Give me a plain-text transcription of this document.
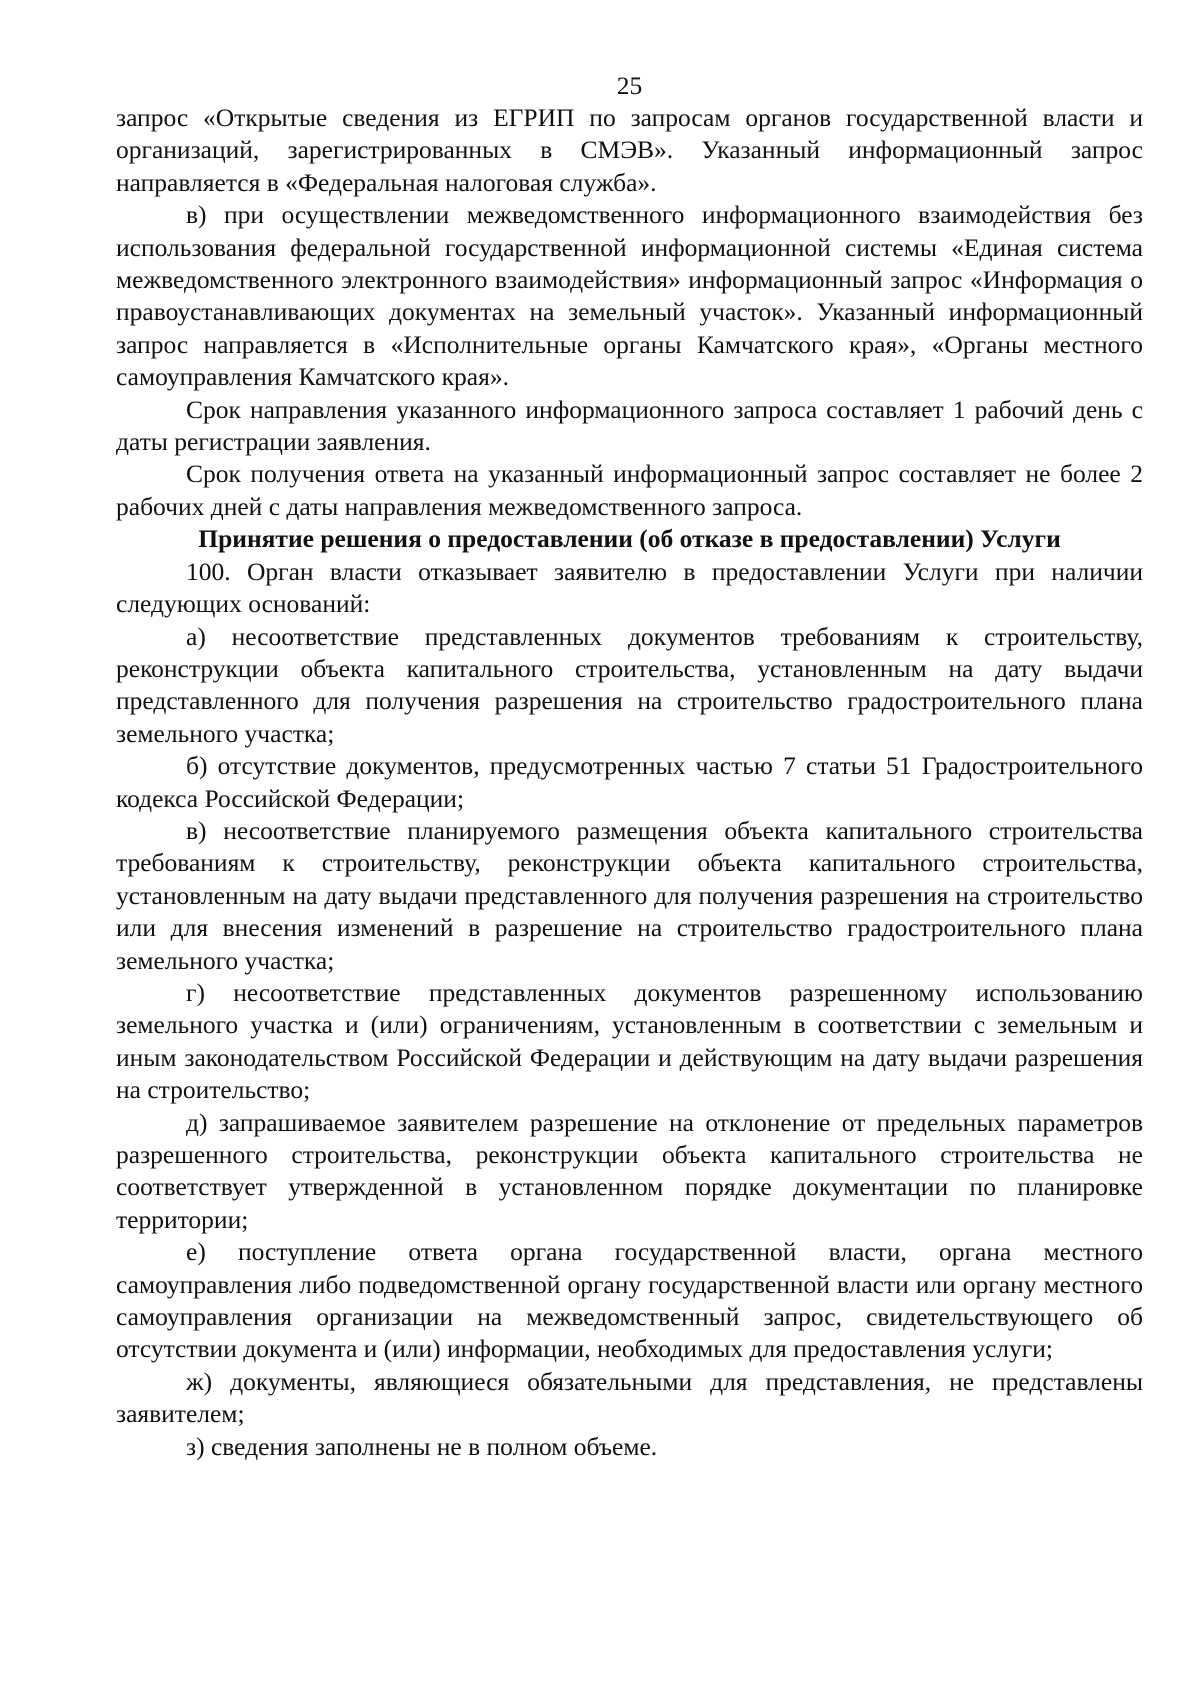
25

запрос «Открытые сведения из ЕГРИП по запросам органов государственной власти и организаций, зарегистрированных в СМЭВ». Указанный информационный запрос направляется в «Федеральная налоговая служба».

в) при осуществлении межведомственного информационного взаимодействия без использования федеральной государственной информационной системы «Единая система межведомственного электронного взаимодействия» информационный запрос «Информация о правоустанавливающих документах на земельный участок». Указанный информационный запрос направляется в «Исполнительные органы Камчатского края», «Органы местного самоуправления Камчатского края».

Срок направления указанного информационного запроса составляет 1 рабочий день с даты регистрации заявления.

Срок получения ответа на указанный информационный запрос составляет не более 2 рабочих дней с даты направления межведомственного запроса.

Принятие решения о предоставлении (об отказе в предоставлении) Услуги

100. Орган власти отказывает заявителю в предоставлении Услуги при наличии следующих оснований:

а) несоответствие представленных документов требованиям к строительству, реконструкции объекта капитального строительства, установленным на дату выдачи представленного для получения разрешения на строительство градостроительного плана земельного участка;

б) отсутствие документов, предусмотренных частью 7 статьи 51 Градостроительного кодекса Российской Федерации;

в) несоответствие планируемого размещения объекта капитального строительства требованиям к строительству, реконструкции объекта капитального строительства, установленным на дату выдачи представленного для получения разрешения на строительство или для внесения изменений в разрешение на строительство градостроительного плана земельного участка;

г) несоответствие представленных документов разрешенному использованию земельного участка и (или) ограничениям, установленным в соответствии с земельным и иным законодательством Российской Федерации и действующим на дату выдачи разрешения на строительство;

д) запрашиваемое заявителем разрешение на отклонение от предельных параметров разрешенного строительства, реконструкции объекта капитального строительства не соответствует утвержденной в установленном порядке документации по планировке территории;

е) поступление ответа органа государственной власти, органа местного самоуправления либо подведомственной органу государственной власти или органу местного самоуправления организации на межведомственный запрос, свидетельствующего об отсутствии документа и (или) информации, необходимых для предоставления услуги;

ж) документы, являющиеся обязательными для представления, не представлены заявителем;

з) сведения заполнены не в полном объеме.
